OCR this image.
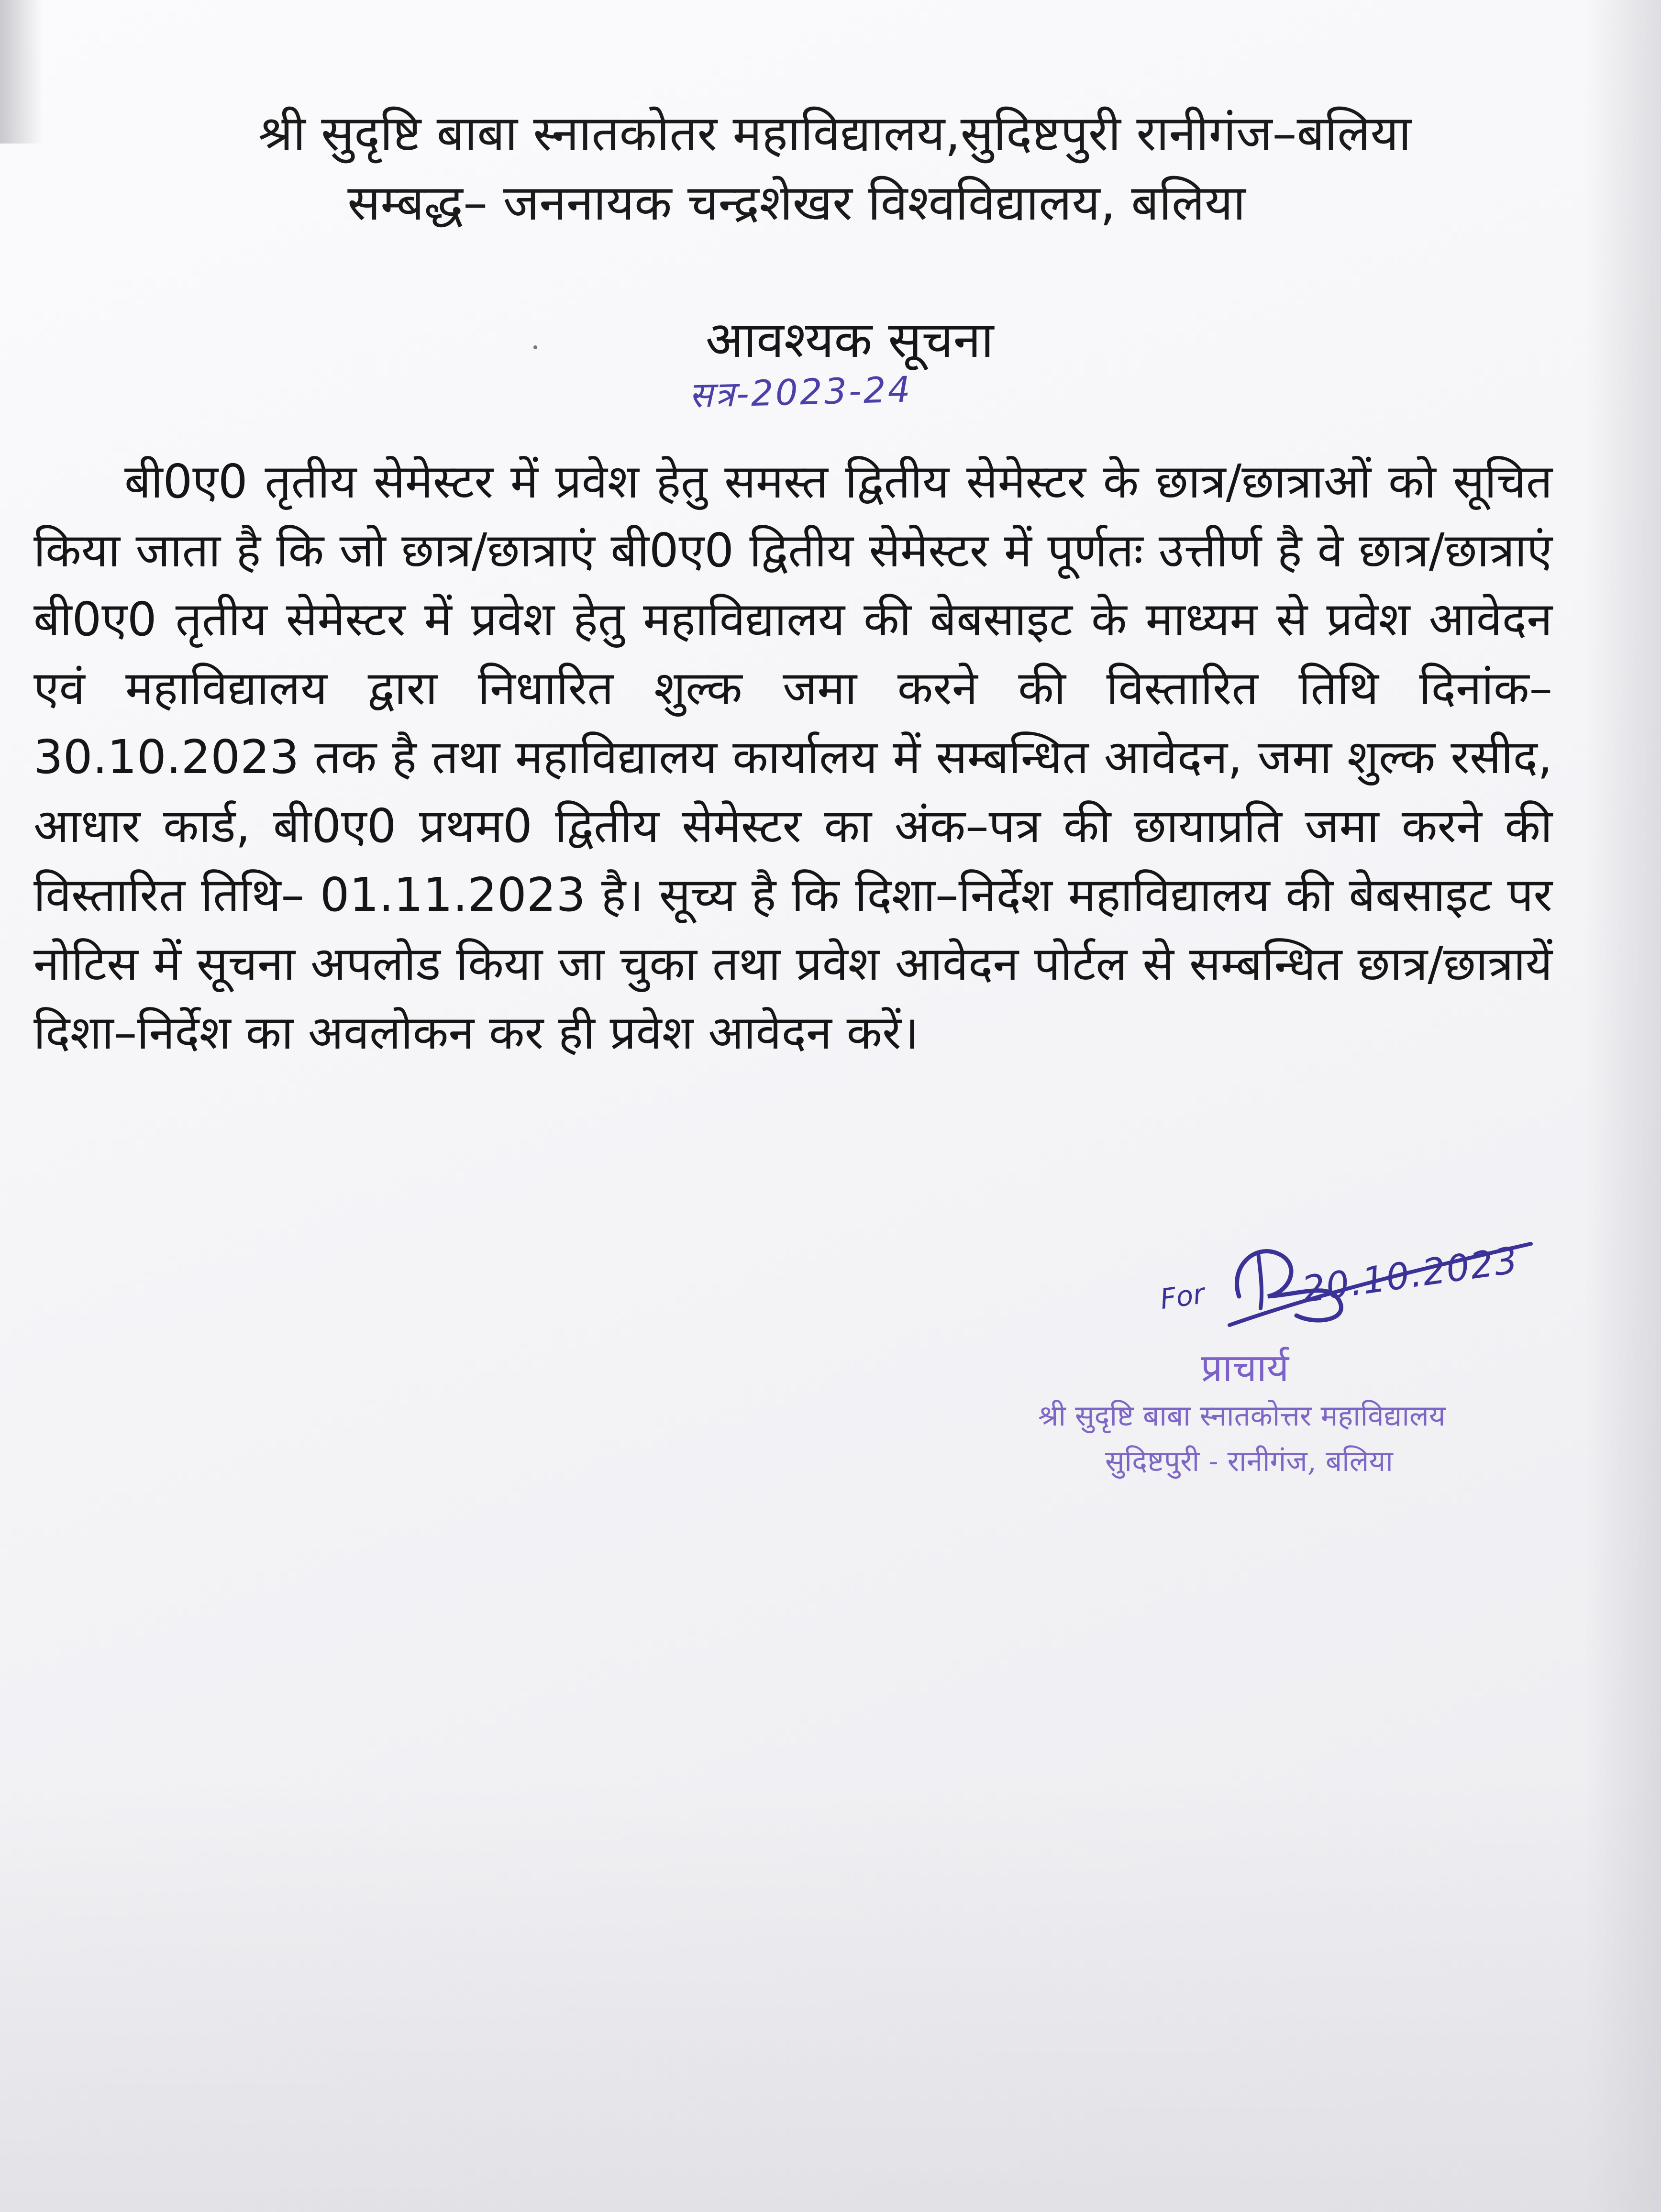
श्री सुदृष्टि बाबा स्नातकोतर महाविद्यालय,सुदिष्टपुरी रानीगंज–बलिया
सम्बद्ध– जननायक चन्द्रशेखर विश्वविद्यालय, बलिया
आवश्यक सूचना
सत्र-2023-24

बी0ए0 तृतीय सेमेस्टर में प्रवेश हेतु समस्त द्वितीय सेमेस्टर के छात्र/छात्राओं को सूचित किया जाता है कि जो छात्र/छात्राएं बी0ए0 द्वितीय सेमेस्टर में पूर्णतः उत्तीर्ण है वे छात्र/छात्राएं बी0ए0 तृतीय सेमेस्टर में प्रवेश हेतु महाविद्यालय की बेबसाइट के माध्यम से प्रवेश आवेदन एवं महाविद्यालय द्वारा निधारित शुल्क जमा करने की विस्तारित तिथि दिनांक– 30.10.2023 तक है तथा महाविद्यालय कार्यालय में सम्बन्धित आवेदन, जमा शुल्क रसीद, आधार कार्ड, बी0ए0 प्रथम0 द्वितीय सेमेस्टर का अंक–पत्र की छायाप्रति जमा करने की विस्तारित तिथि– 01.11.2023 है। सूच्य है कि दिशा–निर्देश महाविद्यालय की बेबसाइट पर नोटिस में सूचना अपलोड किया जा चुका तथा प्रवेश आवेदन पोर्टल से सम्बन्धित छात्र/छात्रायें दिशा–निर्देश का अवलोकन कर ही प्रवेश आवेदन करें।

For	20.10.2023
प्राचार्य
श्री सुदृष्टि बाबा स्नातकोत्तर महाविद्यालय
सुदिष्टपुरी - रानीगंज, बलिया
